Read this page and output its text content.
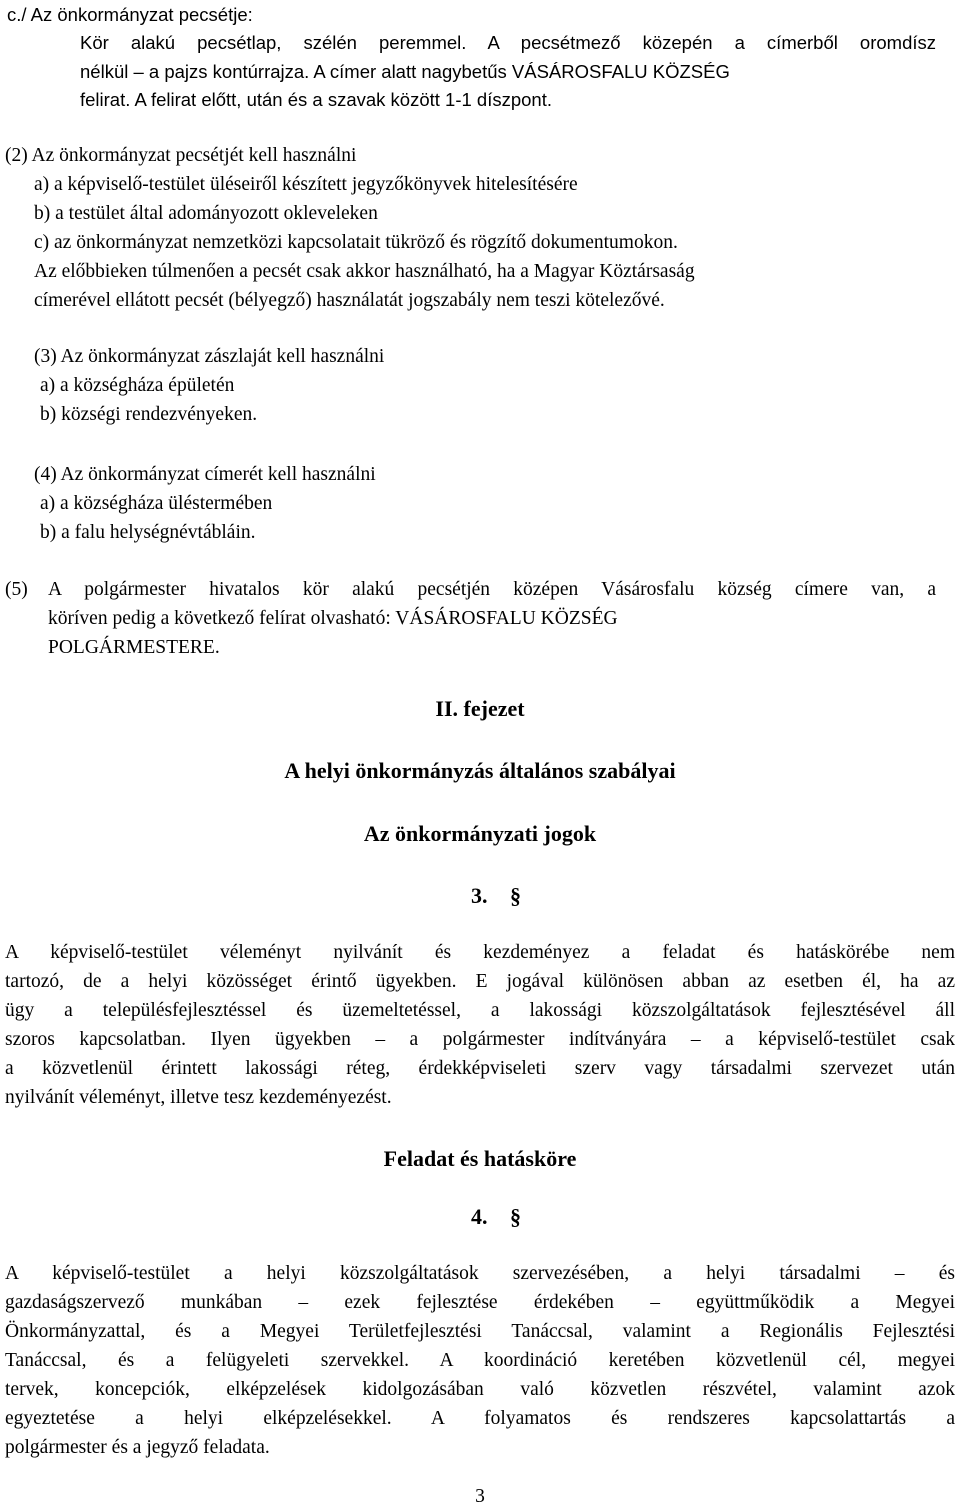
c./ Az önkormányzat pecsétje:
Kör alakú pecsétlap, szélén peremmel. A pecsétmező közepén a címerből oromdísz
nélkül – a pajzs kontúrrajza. A címer alatt nagybetűs VÁSÁROSFALU KÖZSÉG
felirat. A felirat előtt, után és a szavak között 1-1 díszpont.
(2) Az önkormányzat pecsétjét kell használni
a) a képviselő-testület üléseiről készített jegyzőkönyvek hitelesítésére
b) a testület által adományozott okleveleken
c) az önkormányzat nemzetközi kapcsolatait tükröző és rögzítő dokumentumokon.
Az előbbieken túlmenően a pecsét csak akkor használható, ha a Magyar Köztársaság
címerével ellátott pecsét (bélyegző) használatát jogszabály nem teszi kötelezővé.
(3) Az önkormányzat zászlaját kell használni
a) a községháza épületén
b) községi rendezvényeken.
(4) Az önkormányzat címerét kell használni
a) a községháza üléstermében
b) a falu helységnévtábláin.
(5) A polgármester hivatalos kör alakú pecsétjén középen Vásárosfalu község címere van, a
köríven pedig a következő felírat olvasható: VÁSÁROSFALU KÖZSÉG
POLGÁRMESTERE.
II. fejezet
A helyi önkormányzás általános szabályai
Az önkormányzati jogok
3. §
A képviselő-testület véleményt nyilvánít és kezdeményez a feladat és hatáskörébe nem
tartozó, de a helyi közösséget érintő ügyekben. E jogával különösen abban az esetben él, ha az
ügy a településfejlesztéssel és üzemeltetéssel, a lakossági közszolgáltatások fejlesztésével áll
szoros kapcsolatban. Ilyen ügyekben – a polgármester indítványára – a képviselő-testület csak
a közvetlenül érintett lakossági réteg, érdekképviseleti szerv vagy társadalmi szervezet után
nyilvánít véleményt, illetve tesz kezdeményezést.
Feladat és hatásköre
4. §
A képviselő-testület a helyi közszolgáltatások szervezésében, a helyi társadalmi – és
gazdaságszervező munkában – ezek fejlesztése érdekében – együttműködik a Megyei
Önkormányzattal, és a Megyei Területfejlesztési Tanáccsal, valamint a Regionális Fejlesztési
Tanáccsal, és a felügyeleti szervekkel. A koordináció keretében közvetlenül cél, megyei
tervek, koncepciók, elképzelések kidolgozásában való közvetlen részvétel, valamint azok
egyeztetése a helyi elképzelésekkel. A folyamatos és rendszeres kapcsolattartás a
polgármester és a jegyző feladata.
3
